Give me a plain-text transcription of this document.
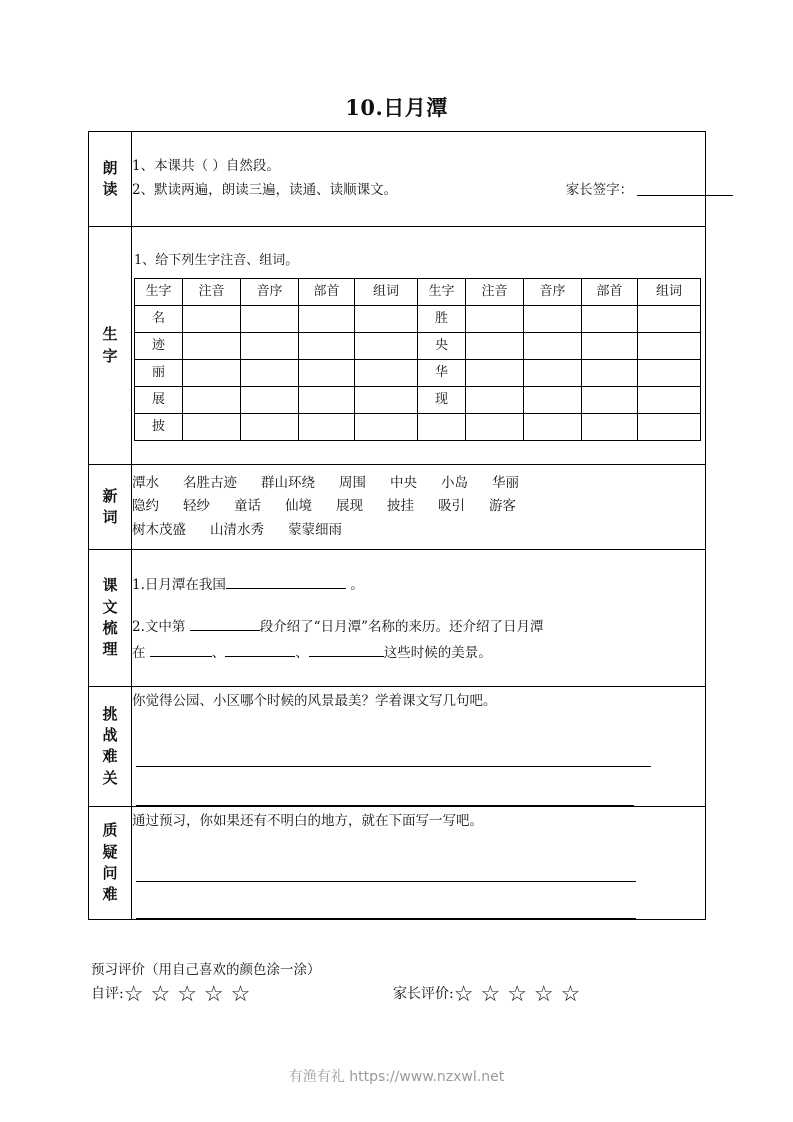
10.日月潭
朗
读

1、本课共（ ）自然段。
2、默读两遍，朗读三遍，读通、读顺课文。	家长签字：

生
字

1、给下列生字注音、组词。
生字	注音	音序	部首	组词	生字	注音	音序	部首	组词
名					胜				
迹					央				
丽					华				
展					现				
披									

新
词

潭水 名胜古迹 群山环绕 周围 中央 小岛 华丽
隐约 轻纱 童话 仙境 展现 披挂 吸引 游客
树木茂盛 山清水秀 蒙蒙细雨

课
文
梳
理

1.日月潭在我国	。
2.文中第	段介绍了“日月潭”名称的来历。还介绍了日月潭
在	、	、	这些时候的美景。

挑
战
难
关

你觉得公园、小区哪个时候的风景最美？学着课文写几句吧。

质
疑
问
难

通过预习，你如果还有不明白的地方，就在下面写一写吧。
预习评价（用自己喜欢的颜色涂一涂）
自评:☆☆☆☆☆	家长评价:☆☆☆☆☆
有渔有礼 https://www.nzxwl.net
